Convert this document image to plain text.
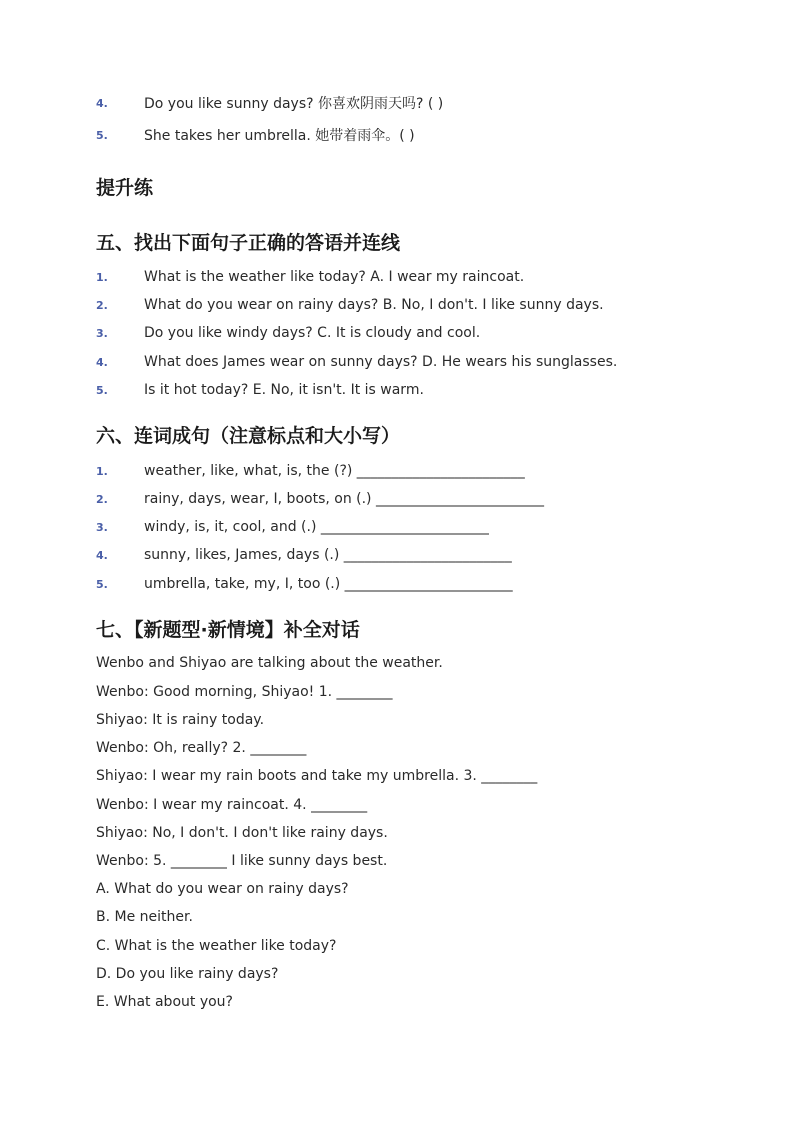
4.	Do you like sunny days? 你喜欢阴雨天吗? ( )
5.	She takes her umbrella. 她带着雨伞。( )
提升练
五、找出下面句子正确的答语并连线
1.	What is the weather like today? A. I wear my raincoat.
2.	What do you wear on rainy days? B. No, I don't. I like sunny days.
3.	Do you like windy days? C. It is cloudy and cool.
4.	What does James wear on sunny days? D. He wears his sunglasses.
5.	Is it hot today? E. No, it isn't. It is warm.
六、连词成句（注意标点和大小写）
1.	weather, like, what, is, the (?) ________________________
2.	rainy, days, wear, I, boots, on (.) ________________________
3.	windy, is, it, cool, and (.) ________________________
4.	sunny, likes, James, days (.) ________________________
5.	umbrella, take, my, I, too (.) ________________________
七、【新题型·新情境】补全对话
Wenbo and Shiyao are talking about the weather.
Wenbo: Good morning, Shiyao! 1. ________
Shiyao: It is rainy today.
Wenbo: Oh, really? 2. ________
Shiyao: I wear my rain boots and take my umbrella. 3. ________
Wenbo: I wear my raincoat. 4. ________
Shiyao: No, I don't. I don't like rainy days.
Wenbo: 5. ________ I like sunny days best.
A. What do you wear on rainy days?
B. Me neither.
C. What is the weather like today?
D. Do you like rainy days?
E. What about you?
